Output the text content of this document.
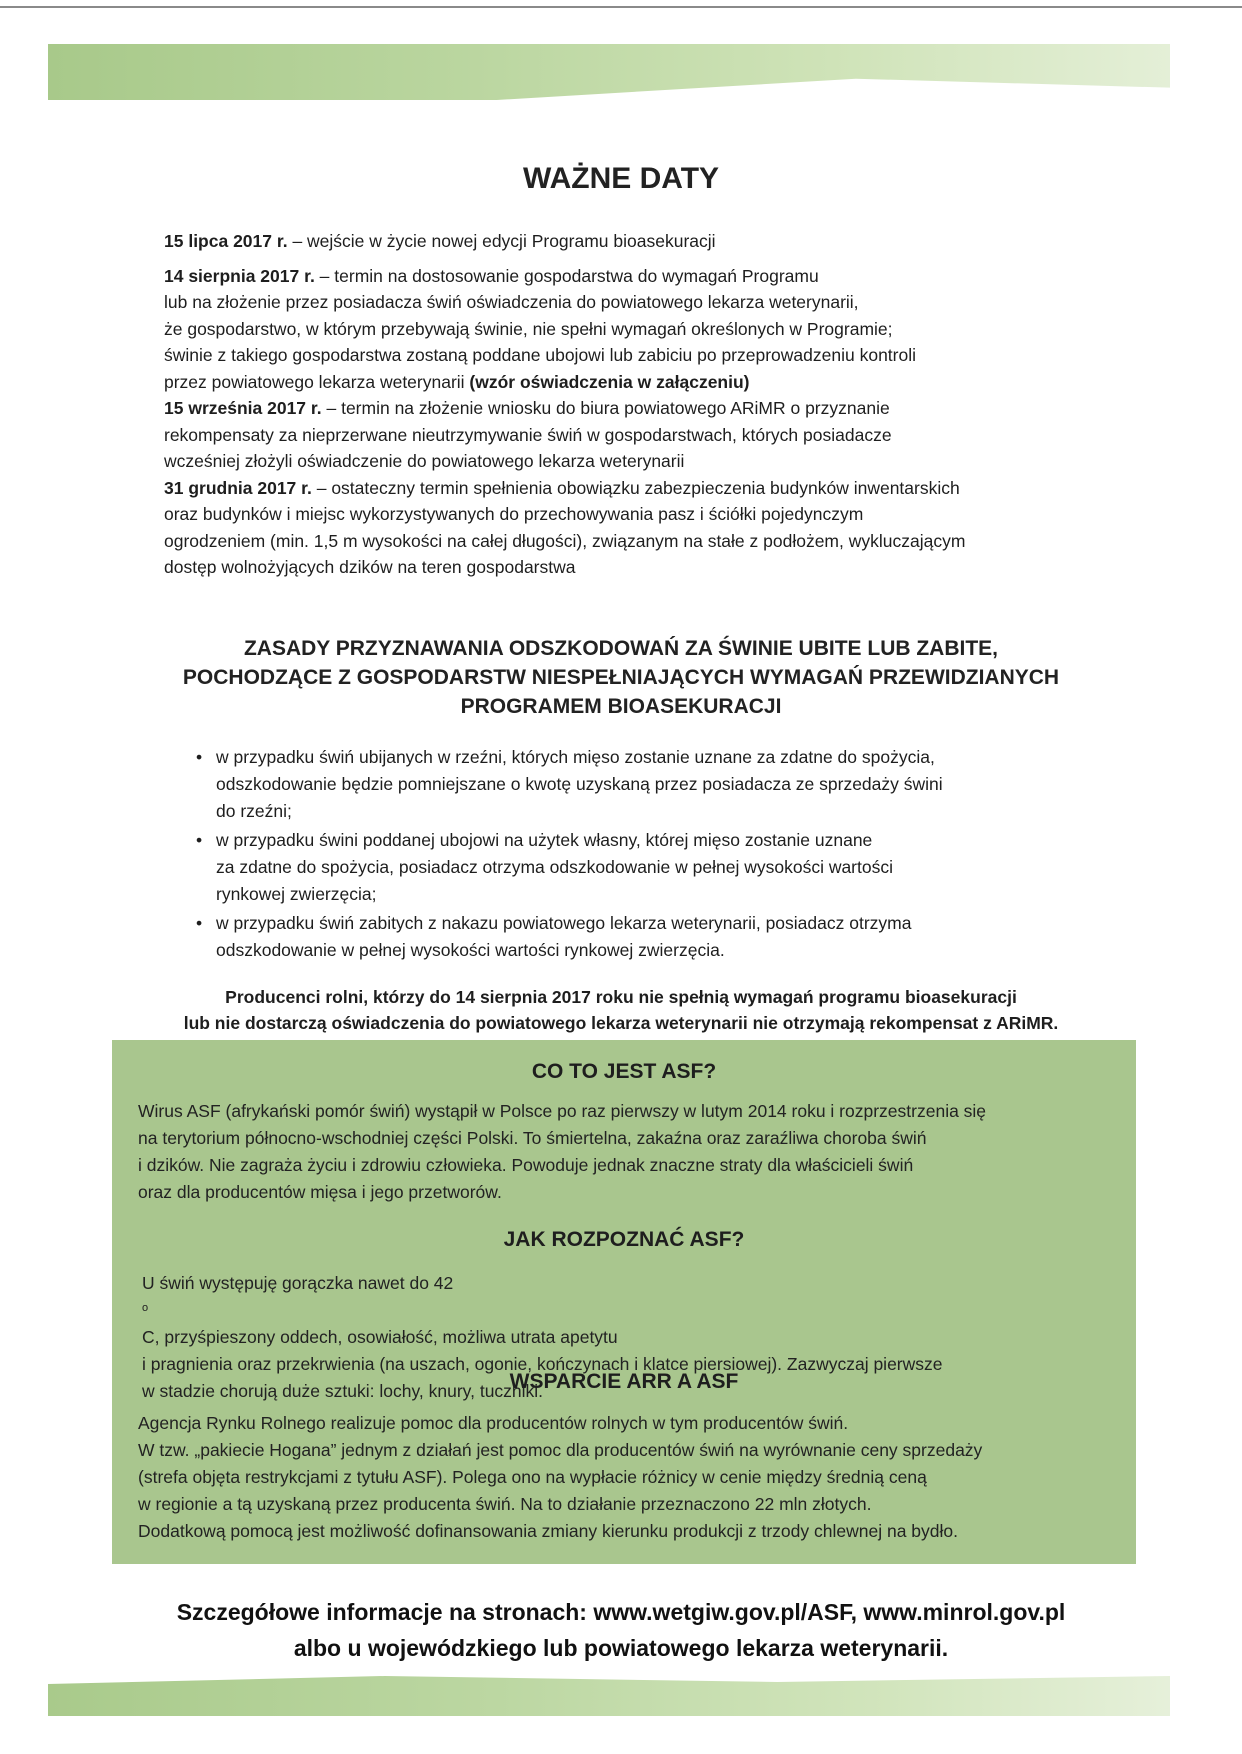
WAŻNE DATY

15 lipca 2017 r. – wejście w życie nowej edycji Programu bioasekuracji

14 sierpnia 2017 r. – termin na dostosowanie gospodarstwa do wymagań Programu
lub na złożenie przez posiadacza świń oświadczenia do powiatowego lekarza weterynarii,
że gospodarstwo, w którym przebywają świnie, nie spełni wymagań określonych w Programie;
świnie z takiego gospodarstwa zostaną poddane ubojowi lub zabiciu po przeprowadzeniu kontroli
przez powiatowego lekarza weterynarii (wzór oświadczenia w załączeniu)

15 września 2017 r. – termin na złożenie wniosku do biura powiatowego ARiMR o przyznanie
rekompensaty za nieprzerwane nieutrzymywanie świń w gospodarstwach, których posiadacze
wcześniej złożyli oświadczenie do powiatowego lekarza weterynarii

31 grudnia 2017 r. – ostateczny termin spełnienia obowiązku zabezpieczenia budynków inwentarskich
oraz budynków i miejsc wykorzystywanych do przechowywania pasz i ściółki pojedynczym
ogrodzeniem (min. 1,5 m wysokości na całej długości), związanym na stałe z podłożem, wykluczającym
dostęp wolnożyjących dzików na teren gospodarstwa

ZASADY PRZYZNAWANIA ODSZKODOWAŃ ZA ŚWINIE UBITE LUB ZABITE,
POCHODZĄCE Z GOSPODARSTW NIESPEŁNIAJĄCYCH WYMAGAŃ PRZEWIDZIANYCH
PROGRAMEM BIOASEKURACJI
• w przypadku świń ubijanych w rzeźni, których mięso zostanie uznane za zdatne do spożycia,
odszkodowanie będzie pomniejszane o kwotę uzyskaną przez posiadacza ze sprzedaży świni
do rzeźni;
• w przypadku świni poddanej ubojowi na użytek własny, której mięso zostanie uznane
za zdatne do spożycia, posiadacz otrzyma odszkodowanie w pełnej wysokości wartości
rynkowej zwierzęcia;
• w przypadku świń zabitych z nakazu powiatowego lekarza weterynarii, posiadacz otrzyma
odszkodowanie w pełnej wysokości wartości rynkowej zwierzęcia.
Producenci rolni, którzy do 14 sierpnia 2017 roku nie spełnią wymagań programu bioasekuracji
lub nie dostarczą oświadczenia do powiatowego lekarza weterynarii nie otrzymają rekompensat z ARiMR.
CO TO JEST ASF?
Wirus ASF (afrykański pomór świń) wystąpił w Polsce po raz pierwszy w lutym 2014 roku i rozprzestrzenia się
na terytorium północno-wschodniej części Polski. To śmiertelna, zakaźna oraz zaraźliwa choroba świń
i dzików. Nie zagraża życiu i zdrowiu człowieka. Powoduje jednak znaczne straty dla właścicieli świń
oraz dla producentów mięsa i jego przetworów.
JAK ROZPOZNAĆ ASF?
U świń występuję gorączka nawet do 42
$^o$
C, przyśpieszony oddech, osowiałość, możliwa utrata apetytu
i pragnienia oraz przekrwienia (na uszach, ogonie, kończynach i klatce piersiowej). Zazwyczaj pierwsze
w stadzie chorują duże sztuki: lochy, knury, tuczniki.
WSPARCIE ARR A ASF
Agencja Rynku Rolnego realizuje pomoc dla producentów rolnych w tym producentów świń.
W tzw. „pakiecie Hogana” jednym z działań jest pomoc dla producentów świń na wyrównanie ceny sprzedaży
(strefa objęta restrykcjami z tytułu ASF). Polega ono na wypłacie różnicy w cenie między średnią ceną
w regionie a tą uzyskaną przez producenta świń. Na to działanie przeznaczono 22 mln złotych.
Dodatkową pomocą jest możliwość dofinansowania zmiany kierunku produkcji z trzody chlewnej na bydło.
Szczegółowe informacje na stronach: www.wetgiw.gov.pl/ASF, www.minrol.gov.pl
albo u wojewódzkiego lub powiatowego lekarza weterynarii.
